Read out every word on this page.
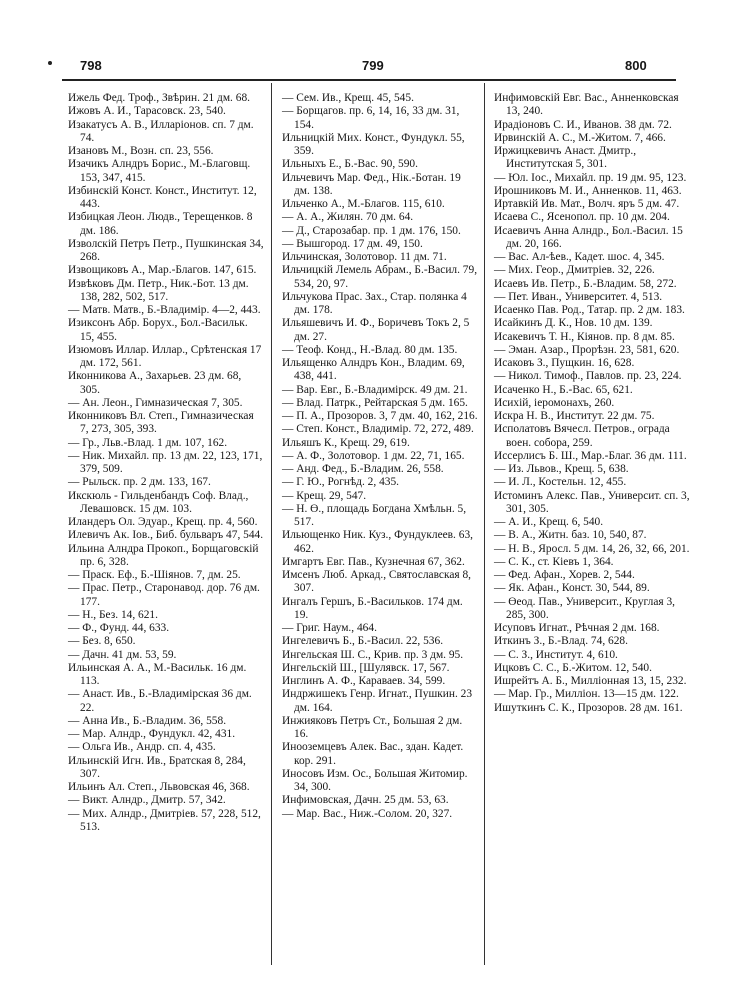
798	799	800
Ижель Фед. Троф., Звѣрин. 21 дм. 68.
Ижовъ А. И., Тарасовск. 23, 540.
Изакатусъ А. В., Илларіонов. сп. 7 дм. 74.
Изановъ М., Возн. сп. 23, 556.
Изачикъ Алндръ Борис., М.-Благовщ. 153, 347, 415.
Избинскій Конст. Конст., Институт. 12, 443.
Избицкая Леон. Людв., Терещенков. 8 дм. 186.
Изволскій Петръ Петр., Пушкинская 34, 268.
Извощиковъ А., Мар.-Благов. 147, 615.
Извѣковъ Дм. Петр., Ник.-Бот. 13 дм. 138, 282, 502, 517.
— Матв. Матв., Б.-Владимір. 4—2, 443.
Изиксонъ Абр. Борух., Бол.-Васильк. 15, 455.
Изюмовъ Иллар. Иллар., Срѣтенская 17 дм. 172, 561.
Иконникова А., Захарьев. 23 дм. 68, 305.
— Ан. Леон., Гимназическая 7, 305.
Иконниковъ Вл. Степ., Гимназическая 7, 273, 305, 393.
— Гр., Льв.-Влад. 1 дм. 107, 162.
— Ник. Михайл. пр. 13 дм. 22, 123, 171, 379, 509.
— Рыльск. пр. 2 дм. 133, 167.
Икскюль - Гильденбандъ Соф. Влад., Левашовск. 15 дм. 103.
Иландеръ Ол. Эдуар., Крещ. пр. 4, 560.
Илевичъ Ак. Іов., Биб. бульваръ 47, 544.
Ильина Алндра Прокоп., Борщаговскій пр. 6, 328.
— Праск. Еф., Б.-Шіянов. 7, дм. 25.
— Прас. Петр., Старонавод. дор. 76 дм. 177.
— Н., Без. 14, 621.
— Ф., Фунд. 44, 633.
— Без. 8, 650.
— Дачн. 41 дм. 53, 59.
Ильинская А. А., М.-Васильк. 16 дм. 113.
— Анаст. Ив., Б.-Владимірская 36 дм. 22.
— Анна Ив., Б.-Владим. 36, 558.
— Мар. Алндр., Фундукл. 42, 431.
— Ольга Ив., Андр. сп. 4, 435.
Ильинскій Игн. Ив., Братская 8, 284, 307.
Ильинъ Ал. Степ., Львовская 46, 368.
— Викт. Алндр., Дмитр. 57, 342.
— Мих. Алндр., Дмитріев. 57, 228, 512, 513.
— Сем. Ив., Крещ. 45, 545.
— Борщагов. пр. 6, 14, 16, 33 дм. 31, 154.
Ильницкій Мих. Конст., Фундукл. 55, 359.
Ильныхъ Е., Б.-Вас. 90, 590.
Ильчевичъ Мар. Фед., Нік.-Ботан. 19 дм. 138.
Ильченко А., М.-Благов. 115, 610.
— А. А., Жилян. 70 дм. 64.
— Д., Старозабар. пр. 1 дм. 176, 150.
— Вышгород. 17 дм. 49, 150.
Ильчинская, Золотовор. 11 дм. 71.
Ильчицкій Лемель Абрам., Б.-Васил. 79, 534, 20, 97.
Ильчукова Прас. Зах., Стар. полянка 4 дм. 178.
Ильяшевичъ И. Ф., Боричевъ Токъ 2, 5 дм. 27.
— Теоф. Конд., Н.-Влад. 80 дм. 135.
Ильященко Алндръ Кон., Владим. 69, 438, 441.
— Вар. Евг., Б.-Владимірск. 49 дм. 21.
— Влад. Патрк., Рейтарская 5 дм. 165.
— П. А., Прозоров. 3, 7 дм. 40, 162, 216.
— Степ. Конст., Владимір. 72, 272, 489.
Ильяшъ К., Крещ. 29, 619.
— А. Ф., Золотовор. 1 дм. 22, 71, 165.
— Анд. Фед., Б.-Владим. 26, 558.
— Г. Ю., Рогнѣд. 2, 435.
— Крещ. 29, 547.
— Н. Ө., площадь Богдана Хмѣльн. 5, 517.
Ильющенко Ник. Куз., Фундуклеев. 63, 462.
Имгартъ Евг. Пав., Кузнечная 67, 362.
Имсенъ Люб. Аркад., Святославская 8, 307.
Ингалъ Гершъ, Б.-Васильков. 174 дм. 19.
— Григ. Наум., 464.
Ингелевичъ Б., Б.-Васил. 22, 536.
Ингельская Ш. С., Крив. пр. 3 дм. 95.
Ингельскій Ш., [Шулявск. 17, 567.
Инглинъ А. Ф., Караваев. 34, 599.
Индржишекъ Генр. Игнат., Пушкин. 23 дм. 164.
Инжияковъ Петръ Ст., Большая 2 дм. 16.
Инооземцевъ Алек. Вас., здан. Кадет. кор. 291.
Иносовъ Изм. Ос., Большая Житомир. 34, 300.
Инфимовская, Дачн. 25 дм. 53, 63.
— Мар. Вас., Ниж.-Солом. 20, 327.
Инфимовскій Евг. Вас., Анненковская 13, 240.
Ирадіоновъ С. И., Иванов. 38 дм. 72.
Ирвинскій А. С., М.-Житом. 7, 466.
Иржицкевичъ Анаст. Дмитр., Институтская 5, 301.
— Юл. Іос., Михайл. пр. 19 дм. 95, 123.
Ирошниковъ М. И., Анненков. 11, 463.
Иртавкій Ив. Мат., Волч. яръ 5 дм. 47.
Исаева С., Ясенопол. пр. 10 дм. 204.
Исаевичъ Анна Алндр., Бол.-Васил. 15 дм. 20, 166.
— Вас. Ал-ѣев., Кадет. шос. 4, 345.
— Мих. Геор., Дмитріев. 32, 226.
Исаевъ Ив. Петр., Б.-Владим. 58, 272.
— Пет. Иван., Университет. 4, 513.
Исаенко Пав. Род., Татар. пр. 2 дм. 183.
Исайкинъ Д. К., Нов. 10 дм. 139.
Исакевичъ Т. Н., Кіянов. пр. 8 дм. 85.
— Эман. Азар., Прорѣзн. 23, 581, 620.
Исаковъ З., Пущкин. 16, 628.
— Никол. Тимоф., Павлов. пр. 23, 224.
Исаченко Н., Б.-Вас. 65, 621.
Исихій, іеромонахъ, 260.
Искра Н. В., Институт. 22 дм. 75.
Исполатовъ Вячесл. Петров., ограда воен. собора, 259.
Иссерлисъ Б. Ш., Мар.-Благ. 36 дм. 111.
— Из. Львов., Крещ. 5, 638.
— И. Л., Костельн. 12, 455.
Истоминъ Алекс. Пав., Университ. сп. 3, 301, 305.
— А. И., Крещ. 6, 540.
— В. А., Житн. баз. 10, 540, 87.
— Н. В., Яросл. 5 дм. 14, 26, 32, 66, 201.
— С. К., ст. Кіевъ 1, 364.
— Фед. Афан., Хорев. 2, 544.
— Як. Афан., Конст. 30, 544, 89.
— Өеод. Пав., Университ., Круглая 3, 285, 300.
Исуповъ Игнат., Рѣчная 2 дм. 168.
Иткинъ З., Б.-Влад. 74, 628.
— С. З., Институт. 4, 610.
Ицковъ С. С., Б.-Житом. 12, 540.
Ишрейтъ А. Б., Милліонная 13, 15, 232.
— Мар. Гр., Милліон. 13—15 дм. 122.
Ишуткинъ С. К., Прозоров. 28 дм. 161.
